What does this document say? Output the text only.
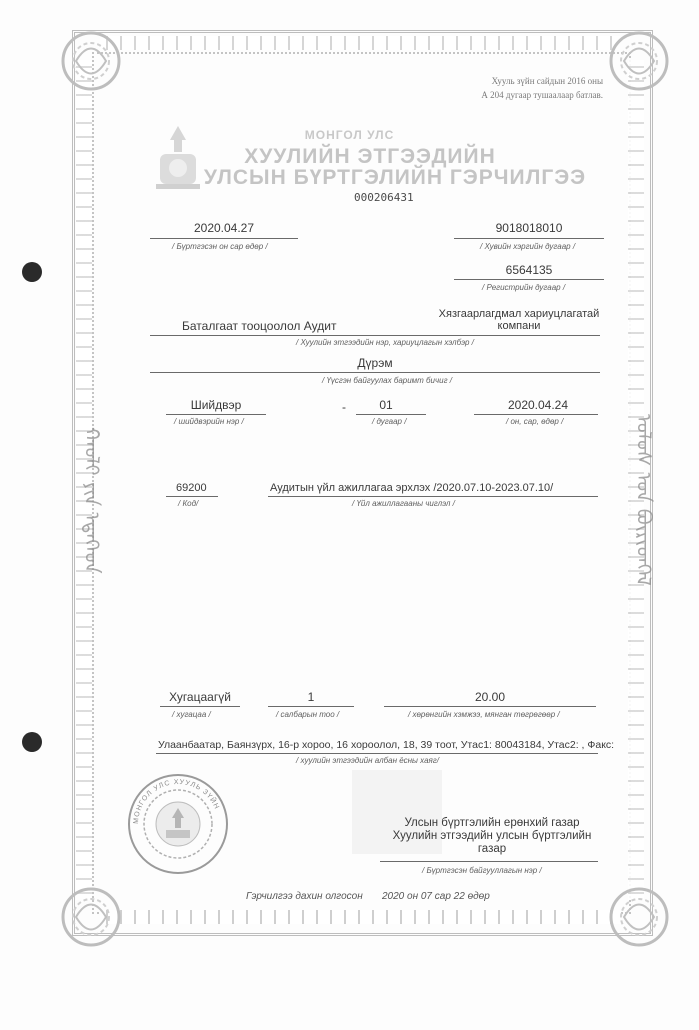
ᠬᠠᠤᠯᠢ ᠶᠢᠨ ᠡᠲᠡᠭᠡᠳ	ᠤᠯᠤᠰ ᠤᠨ ᠪᠦᠷᠢᠳᠬᠡᠯ
Хууль зүйн сайдын 2016 оны
А 204 дугаар тушаалаар батлав.
МОНГОЛ УЛС
ХУУЛИЙН ЭТГЭЭДИЙН
УЛСЫН БҮРТГЭЛИЙН ГЭРЧИЛГЭЭ
000206431
2020.04.27
/ Бүртгэсэн он сар өдөр /
9018018010
/ Хувийн хэргийн дугаар /
6564135
/ Регистрийн дугаар /
Баталгаат тооцоолол Аудит
Хязгаарлагдмал хариуцлагатай
компани
/ Хуулийн этгээдийн нэр, хариуцлагын хэлбэр /
Дүрэм
/ Үүсгэн байгуулах баримт бичиг /
Шийдвэр
/ шийдвэрийн нэр /
-	01
/ дугаар /
2020.04.24
/ он, сар, өдөр /
69200
/ Код/
Аудитын үйл ажиллагаа эрхлэх /2020.07.10-2023.07.10/
/ Үйл ажиллагааны чиглэл /
Хугацаагүй
/ хугацаа /
1
/ салбарын тоо /
20.00
/ хөрөнгийн хэмжээ, мянган төгрөгөөр /
Улаанбаатар, Баянзүрх, 16-р хороо, 16 хороолол, 18, 39 тоот, Утас1: 80043184, Утас2: , Факс:
/ хуулийн этгээдийн албан ёсны хаяг/
МОНГОЛ УЛС ХУУЛЬ ЗҮЙН
Улсын бүртгэлийн ерөнхий газар
Хуулийн этгээдийн улсын бүртгэлийн
газар
/ Бүртгэсэн байгууллагын нэр /
Гэрчилгээ дахин олгосон 2020 он 07 сар 22 өдөр
